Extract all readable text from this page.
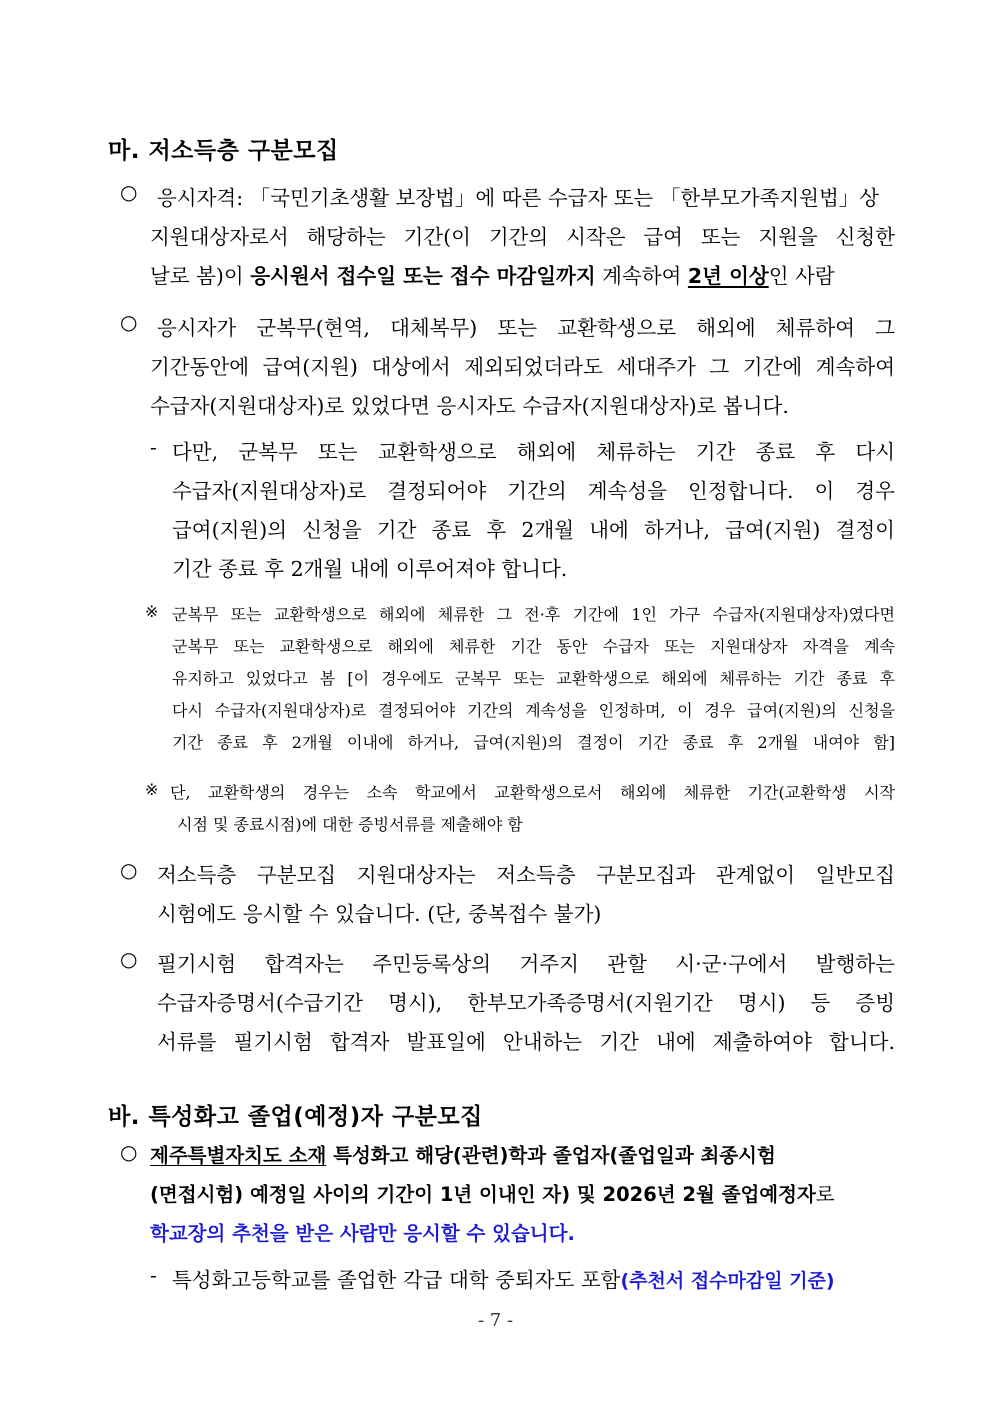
마. 저소득층 구분모집
○ 응시자격: 「국민기초생활 보장법」에 따른 수급자 또는 「한부모가족지원법」상
지원대상자로서 해당하는 기간(이 기간의 시작은 급여 또는 지원을 신청한
날로 봄)이 응시원서 접수일 또는 접수 마감일까지 계속하여 2년 이상인 사람
○ 응시자가 군복무(현역, 대체복무) 또는 교환학생으로 해외에 체류하여 그
기간동안에 급여(지원) 대상에서 제외되었더라도 세대주가 그 기간에 계속하여
수급자(지원대상자)로 있었다면 응시자도 수급자(지원대상자)로 봅니다.
- 다만, 군복무 또는 교환학생으로 해외에 체류하는 기간 종료 후 다시
수급자(지원대상자)로 결정되어야 기간의 계속성을 인정합니다. 이 경우
급여(지원)의 신청을 기간 종료 후 2개월 내에 하거나, 급여(지원) 결정이
기간 종료 후 2개월 내에 이루어져야 합니다.
※ 군복무 또는 교환학생으로 해외에 체류한 그 전·후 기간에 1인 가구 수급자(지원대상자)였다면
군복무 또는 교환학생으로 해외에 체류한 기간 동안 수급자 또는 지원대상자 자격을 계속
유지하고 있었다고 봄 [이 경우에도 군복무 또는 교환학생으로 해외에 체류하는 기간 종료 후
다시 수급자(지원대상자)로 결정되어야 기간의 계속성을 인정하며, 이 경우 급여(지원)의 신청을
기간 종료 후 2개월 이내에 하거나, 급여(지원)의 결정이 기간 종료 후 2개월 내여야 함]
※ 단, 교환학생의 경우는 소속 학교에서 교환학생으로서 해외에 체류한 기간(교환학생 시작
시점 및 종료시점)에 대한 증빙서류를 제출해야 함
○ 저소득층 구분모집 지원대상자는 저소득층 구분모집과 관계없이 일반모집
시험에도 응시할 수 있습니다. (단, 중복접수 불가)
○ 필기시험 합격자는 주민등록상의 거주지 관할 시·군·구에서 발행하는
수급자증명서(수급기간 명시), 한부모가족증명서(지원기간 명시) 등 증빙
서류를 필기시험 합격자 발표일에 안내하는 기간 내에 제출하여야 합니다.
바. 특성화고 졸업(예정)자 구분모집
○ 제주특별자치도 소재 특성화고 해당(관련)학과 졸업자(졸업일과 최종시험
(면접시험) 예정일 사이의 기간이 1년 이내인 자) 및 2026년 2월 졸업예정자로
학교장의 추천을 받은 사람만 응시할 수 있습니다.
- 특성화고등학교를 졸업한 각급 대학 중퇴자도 포함(추천서 접수마감일 기준)
- 7 -
